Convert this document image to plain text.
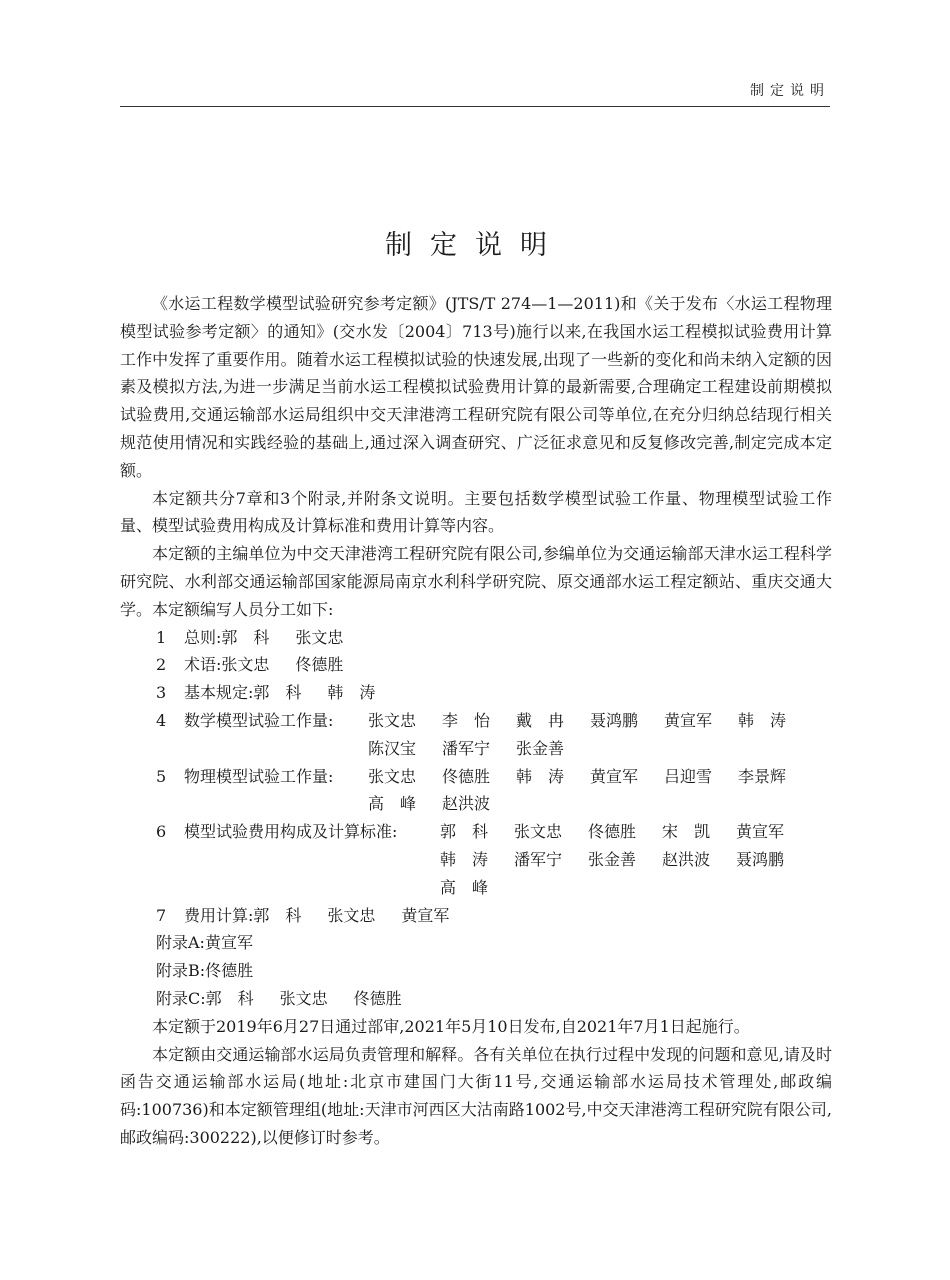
制定说明
制定说明

《水运工程数学模型试验研究参考定额》(JTS/T 274—1—2011)和《关于发布〈水运工程物理模型试验参考定额〉的通知》(交水发〔2004〕713号)施行以来,在我国水运工程模拟试验费用计算工作中发挥了重要作用。随着水运工程模拟试验的快速发展,出现了一些新的变化和尚未纳入定额的因素及模拟方法,为进一步满足当前水运工程模拟试验费用计算的最新需要,合理确定工程建设前期模拟试验费用,交通运输部水运局组织中交天津港湾工程研究院有限公司等单位,在充分归纳总结现行相关规范使用情况和实践经验的基础上,通过深入调查研究、广泛征求意见和反复修改完善,制定完成本定额。

本定额共分7章和3个附录,并附条文说明。主要包括数学模型试验工作量、物理模型试验工作量、模型试验费用构成及计算标准和费用计算等内容。

本定额的主编单位为中交天津港湾工程研究院有限公司,参编单位为交通运输部天津水运工程科学研究院、水利部交通运输部国家能源局南京水利科学研究院、原交通部水运工程定额站、重庆交通大学。本定额编写人员分工如下:

1	总则: 郭　科	张文忠
2	术语: 张文忠	佟德胜
3	基本规定: 郭　科	韩　涛
4	数学模型试验工作量:	张文忠	李　怡	戴　冉	聂鸿鹏	黄宣军	韩　涛
陈汉宝	潘军宁	张金善
5	物理模型试验工作量:	张文忠	佟德胜	韩　涛	黄宣军	吕迎雪	李景辉
高　峰	赵洪波
6	模型试验费用构成及计算标准:	郭　科	张文忠	佟德胜	宋　凯	黄宣军
韩　涛	潘军宁	张金善	赵洪波	聂鸿鹏
高　峰
7	费用计算: 郭　科	张文忠	黄宣军
附录A: 黄宣军
附录B: 佟德胜
附录C: 郭　科	张文忠	佟德胜

本定额于2019年6月27日通过部审,2021年5月10日发布,自2021年7月1日起施行。

本定额由交通运输部水运局负责管理和解释。各有关单位在执行过程中发现的问题和意见,请及时函告交通运输部水运局(地址:北京市建国门大街11号,交通运输部水运局技术管理处,邮政编码:100736)和本定额管理组(地址:天津市河西区大沽南路1002号,中交天津港湾工程研究院有限公司,邮政编码:300222),以便修订时参考。
